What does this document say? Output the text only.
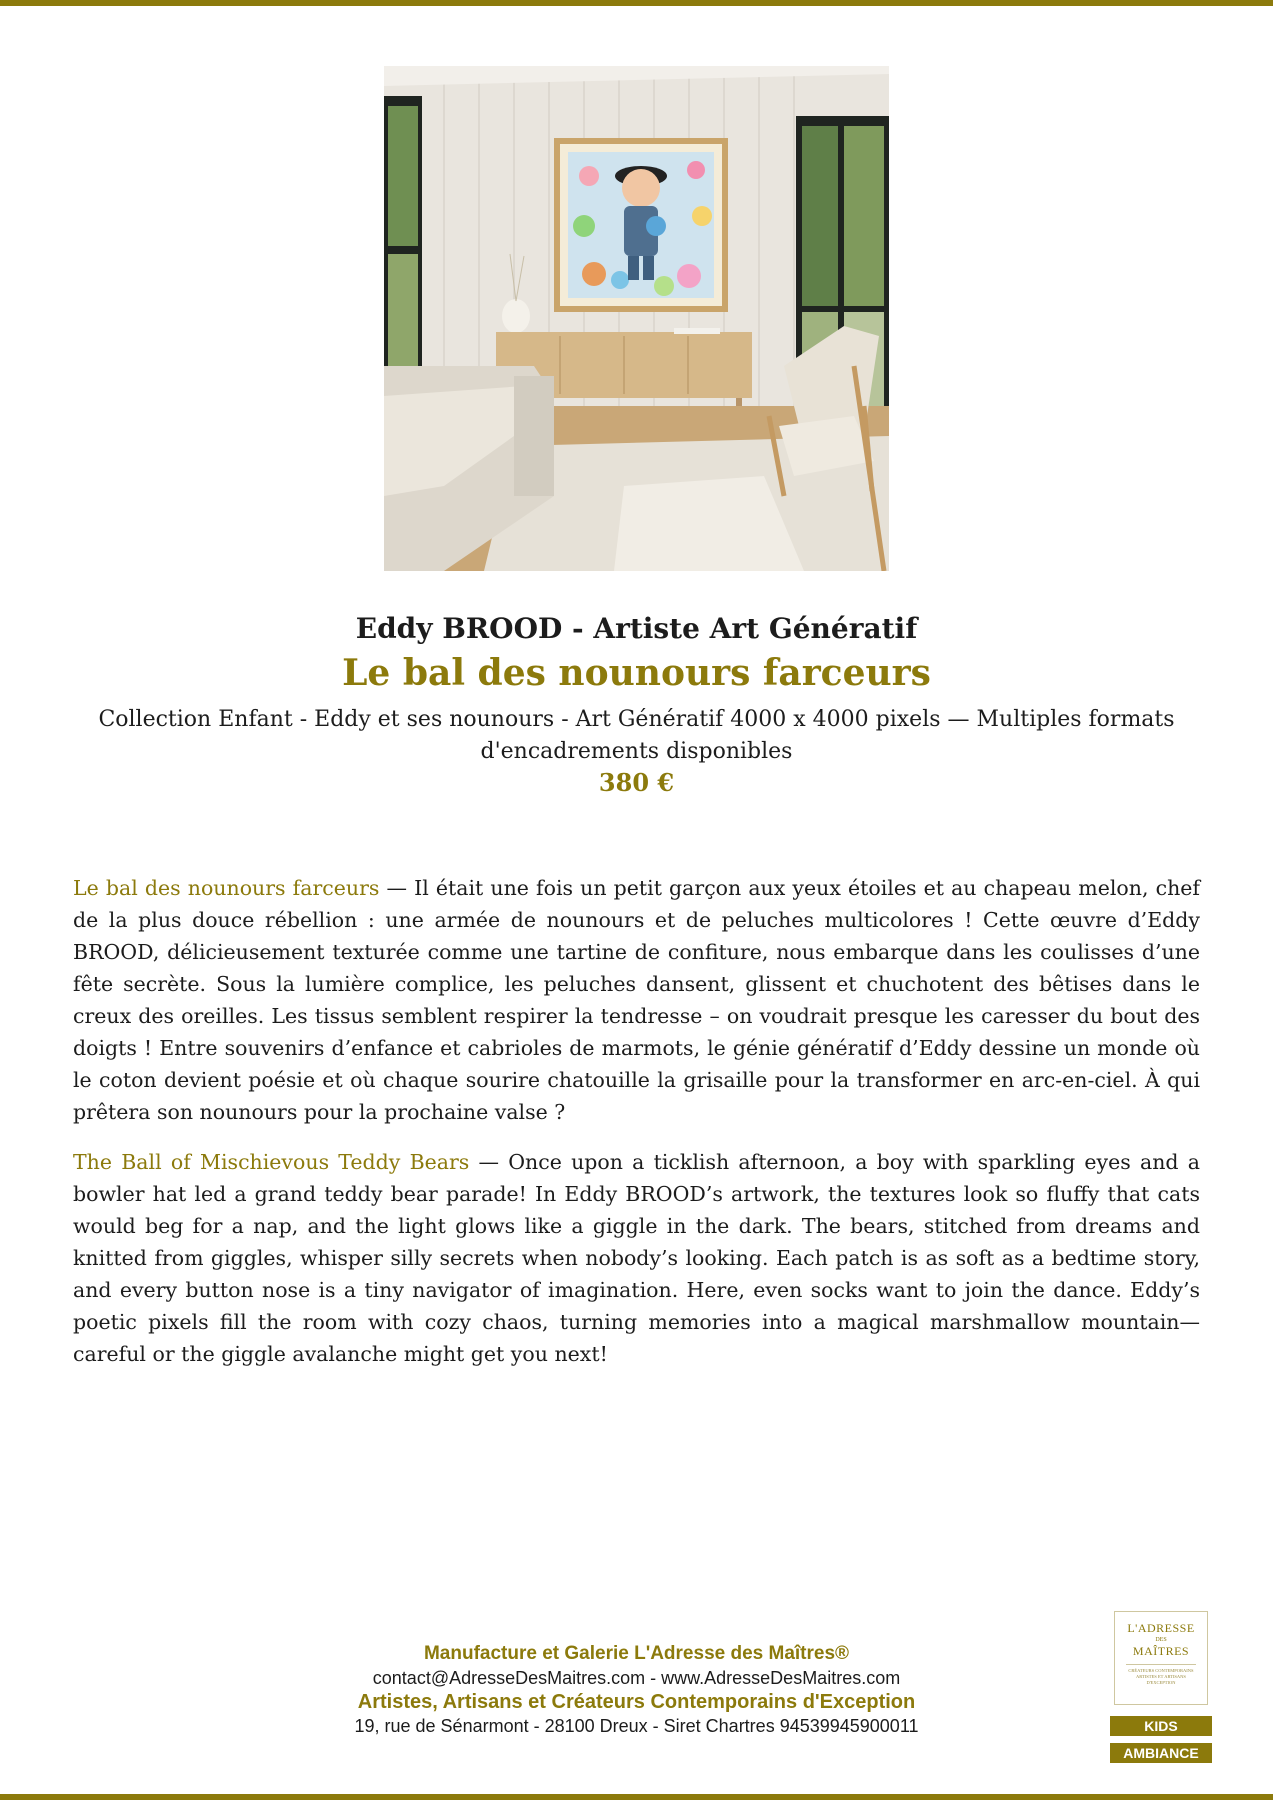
Eddy BROOD - Artiste Art Génératif
Le bal des nounours farceurs
Collection Enfant - Eddy et ses nounours - Art Génératif 4000 x 4000 pixels — Multiples formats d'encadrements disponibles
380 €

Le bal des nounours farceurs — Il était une fois un petit garçon aux yeux étoiles et au chapeau melon, chef de la plus douce rébellion : une armée de nounours et de peluches multicolores ! Cette œuvre d’Eddy BROOD, délicieusement texturée comme une tartine de confiture, nous embarque dans les coulisses d’une fête secrète. Sous la lumière complice, les peluches dansent, glissent et chuchotent des bêtises dans le creux des oreilles. Les tissus semblent respirer la tendresse – on voudrait presque les caresser du bout des doigts ! Entre souvenirs d’enfance et cabrioles de marmots, le génie génératif d’Eddy dessine un monde où le coton devient poésie et où chaque sourire chatouille la grisaille pour la transformer en arc-en-ciel. À qui prêtera son nounours pour la prochaine valse ?

The Ball of Mischievous Teddy Bears — Once upon a ticklish afternoon, a boy with sparkling eyes and a bowler hat led a grand teddy bear parade! In Eddy BROOD’s artwork, the textures look so fluffy that cats would beg for a nap, and the light glows like a giggle in the dark. The bears, stitched from dreams and knitted from giggles, whisper silly secrets when nobody’s looking. Each patch is as soft as a bedtime story, and every button nose is a tiny navigator of imagination. Here, even socks want to join the dance. Eddy’s poetic pixels fill the room with cozy chaos, turning memories into a magical marshmallow mountain—careful or the giggle avalanche might get you next!

Manufacture et Galerie L'Adresse des Maîtres®
contact@AdresseDesMaitres.com - www.AdresseDesMaitres.com
Artistes, Artisans et Créateurs Contemporains d'Exception
19, rue de Sénarmont - 28100 Dreux - Siret Chartres 94539945900011
L'ADRESSE
DES
MAÎTRES
CRÉATEURS CONTEMPORAINS ARTISTES ET ARTISANS D'EXCEPTION
KIDS
AMBIANCE
